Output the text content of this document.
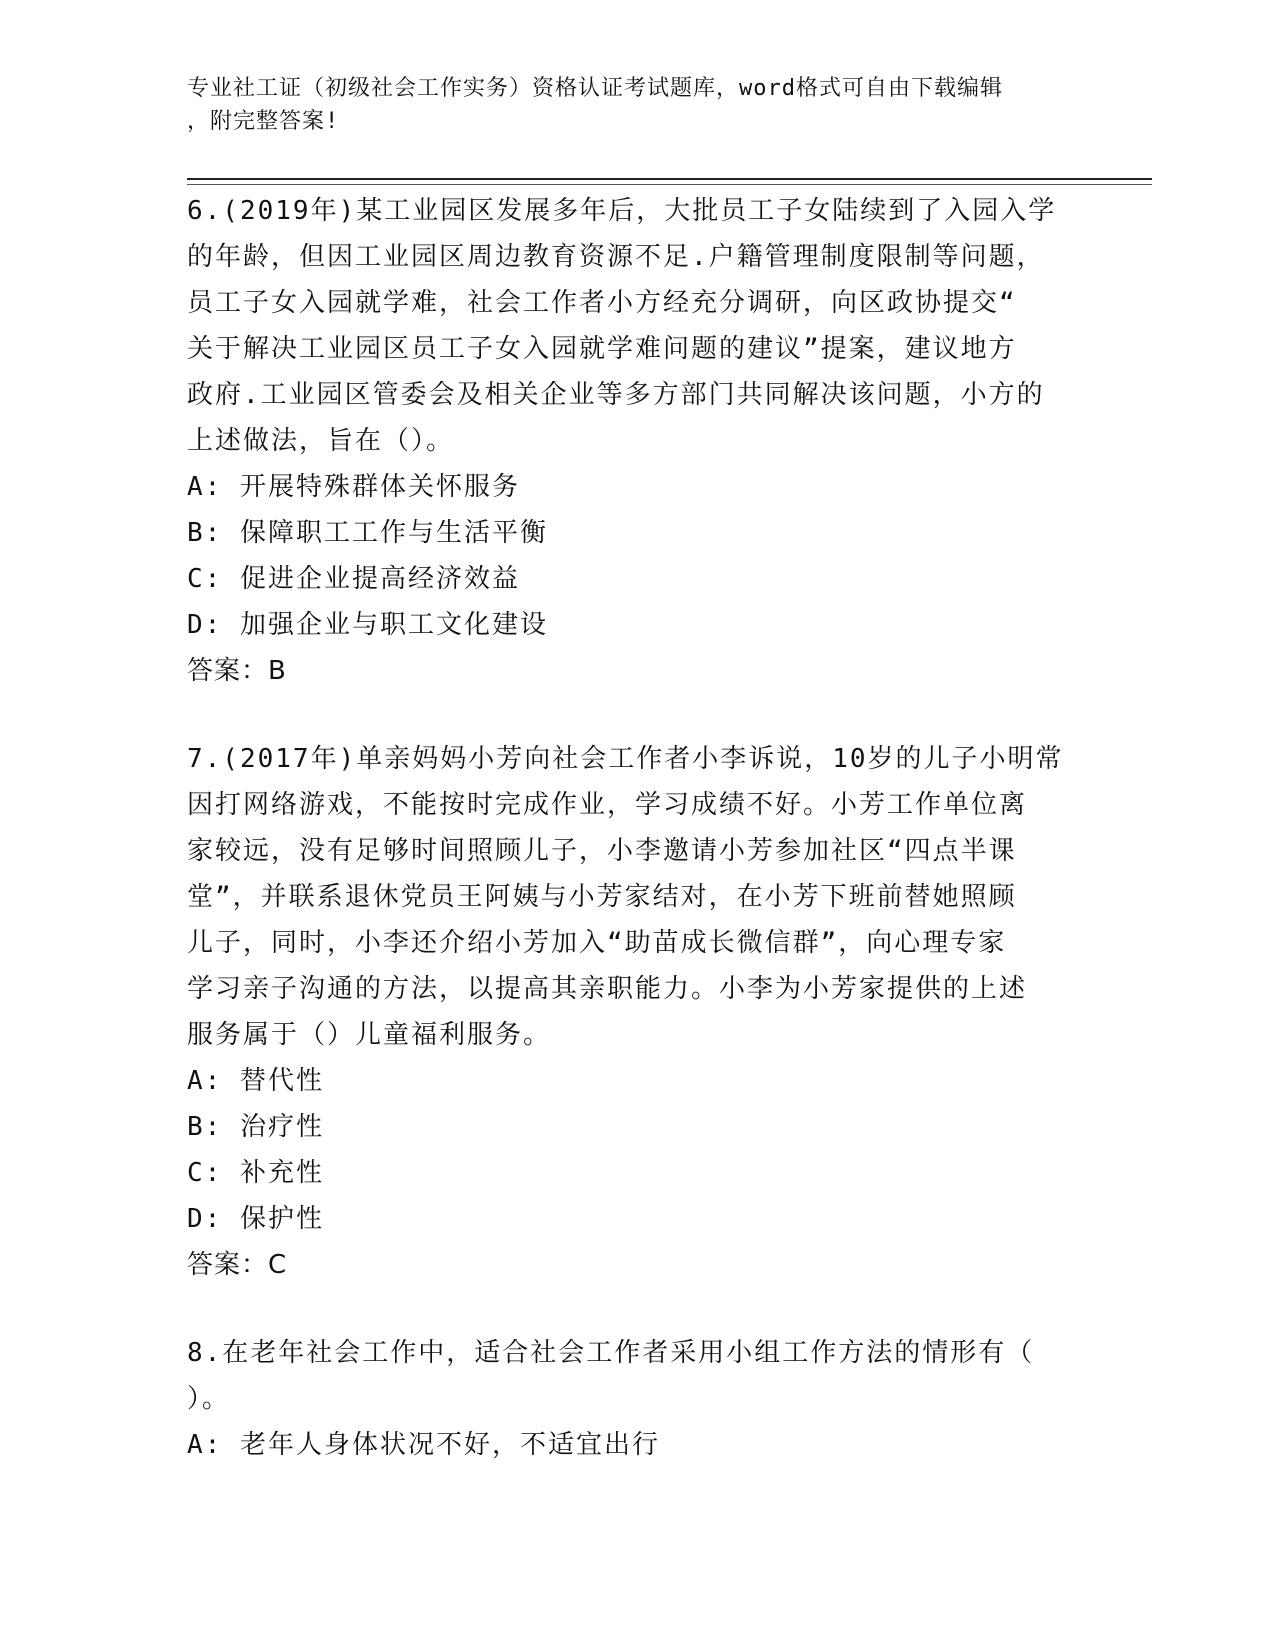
专业社工证（初级社会工作实务）资格认证考试题库，word格式可自由下载编辑
，附完整答案!
6.(2019年)某工业园区发展多年后，大批员工子女陆续到了入园入学
的年龄，但因工业园区周边教育资源不足.户籍管理制度限制等问题，
员工子女入园就学难，社会工作者小方经充分调研，向区政协提交“
关于解决工业园区员工子女入园就学难问题的建议”提案，建议地方
政府.工业园区管委会及相关企业等多方部门共同解决该问题，小方的
上述做法，旨在（）。
A: 开展特殊群体关怀服务
B: 保障职工工作与生活平衡
C: 促进企业提高经济效益
D: 加强企业与职工文化建设
答案：B
7.(2017年)单亲妈妈小芳向社会工作者小李诉说，10岁的儿子小明常
因打网络游戏，不能按时完成作业，学习成绩不好。小芳工作单位离
家较远，没有足够时间照顾儿子，小李邀请小芳参加社区“四点半课
堂”，并联系退休党员王阿姨与小芳家结对，在小芳下班前替她照顾
儿子，同时，小李还介绍小芳加入“助苗成长微信群”，向心理专家
学习亲子沟通的方法，以提高其亲职能力。小李为小芳家提供的上述
服务属于（）儿童福利服务。
A: 替代性
B: 治疗性
C: 补充性
D: 保护性
答案：C
8.在老年社会工作中，适合社会工作者采用小组工作方法的情形有（
）。
A: 老年人身体状况不好，不适宜出行
